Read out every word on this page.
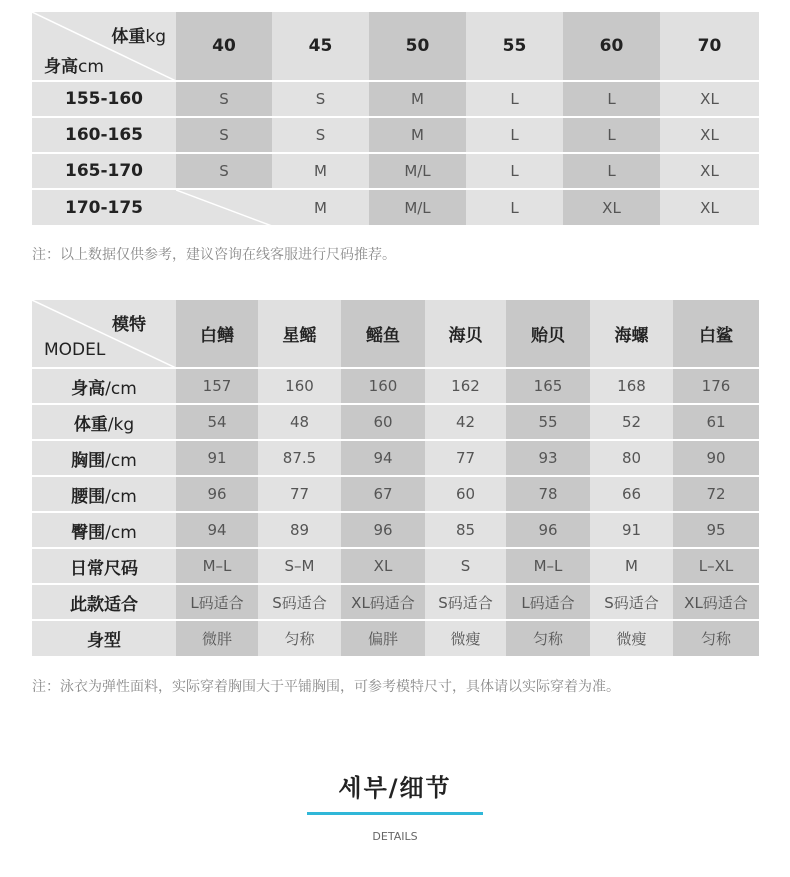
体重kg
身高cm	40	45	50	55	60	70
155-160	S	S	M	L	L	XL
160-165	S	S	M	L	L	XL
165-170	S	M	M/L	L	L	XL
170-175		M	M/L	L	XL	XL
注：以上数据仅供参考，建议咨询在线客服进行尺码推荐。
模特
MODEL	白鳝	星鳐	鳐鱼	海贝	贻贝	海螺	白鲨
身高/cm	157	160	160	162	165	168	176
体重/kg	54	48	60	42	55	52	61
胸围/cm	91	87.5	94	77	93	80	90
腰围/cm	96	77	67	60	78	66	72
臀围/cm	94	89	96	85	96	91	95
日常尺码	M–L	S–M	XL	S	M–L	M	L–XL
此款适合	L码适合	S码适合	XL码适合	S码适合	L码适合	S码适合	XL码适合
身型	微胖	匀称	偏胖	微瘦	匀称	微瘦	匀称
注：泳衣为弹性面料，实际穿着胸围大于平铺胸围，可参考模特尺寸，具体请以实际穿着为准。
세부/细节
DETAILS
